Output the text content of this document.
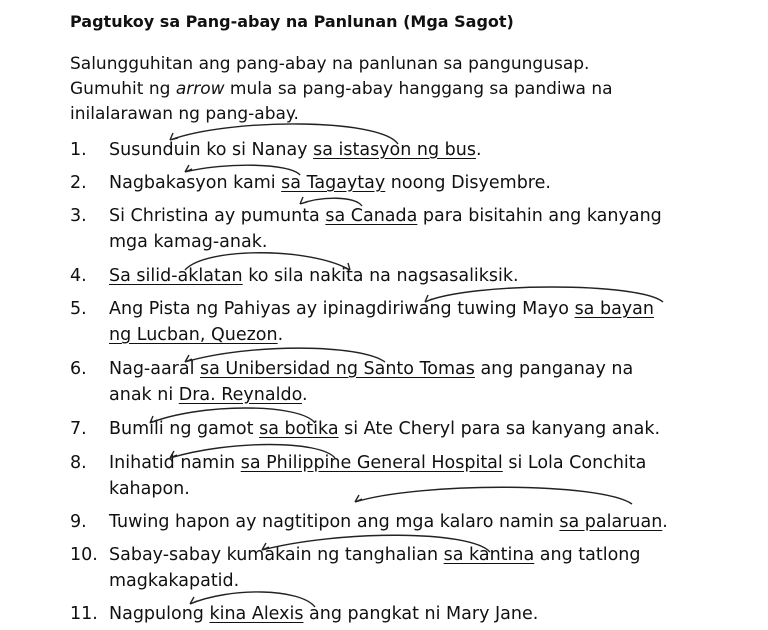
Pagtukoy sa Pang-abay na Panlunan (Mga Sagot)
Salungguhitan ang pang-abay na panlunan sa pangungusap.
Gumuhit ng arrow mula sa pang-abay hanggang sa pandiwa na
inilalarawan ng pang-abay.
1.	Susunduin ko si Nanay sa istasyon ng bus.
2.	Nagbakasyon kami sa Tagaytay noong Disyembre.
3.	Si Christina ay pumunta sa Canada para bisitahin ang kanyang
mga kamag-anak.
4.	Sa silid-aklatan ko sila nakita na nagsasaliksik.
5.	Ang Pista ng Pahiyas ay ipinagdiriwang tuwing Mayo sa bayan
ng Lucban, Quezon.
6.	Nag-aaral sa Unibersidad ng Santo Tomas ang panganay na
anak ni Dra. Reynaldo.
7.	Bumili ng gamot sa botika si Ate Cheryl para sa kanyang anak.
8.	Inihatid namin sa Philippine General Hospital si Lola Conchita
kahapon.
9.	Tuwing hapon ay nagtitipon ang mga kalaro namin sa palaruan.
10. Sabay-sabay kumakain ng tanghalian sa kantina ang tatlong
magkakapatid.
11. Nagpulong kina Alexis ang pangkat ni Mary Jane.
